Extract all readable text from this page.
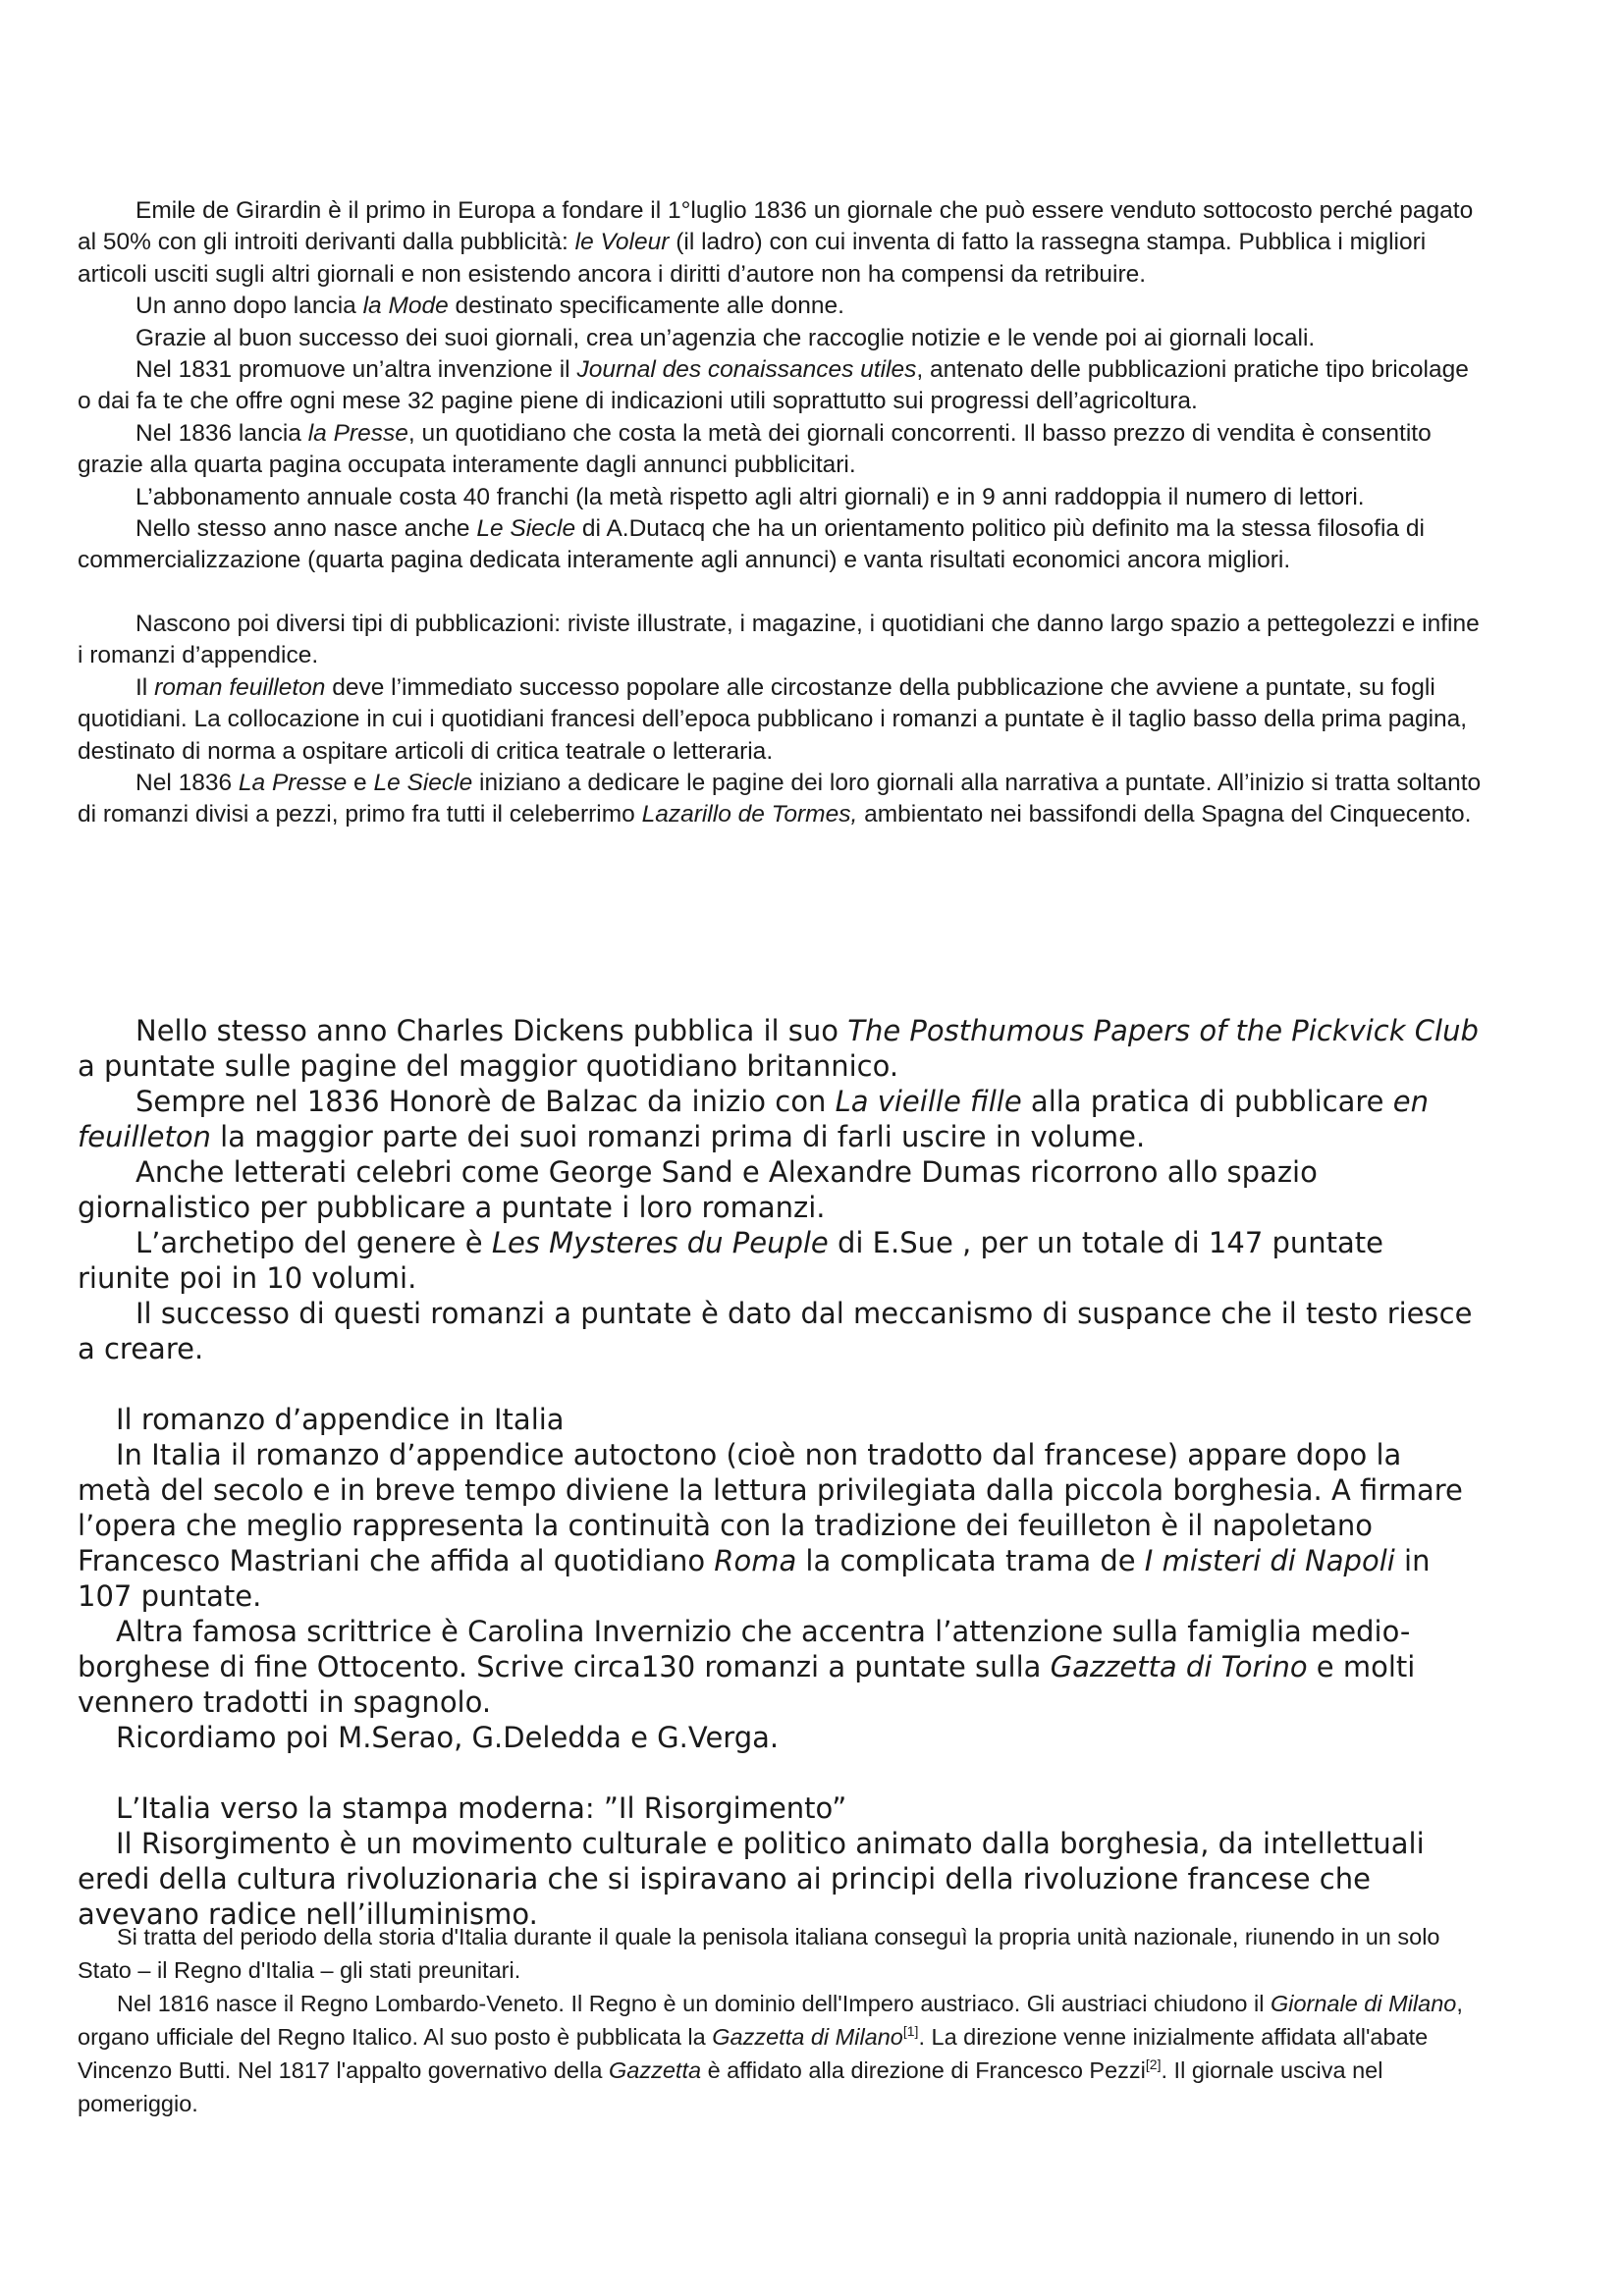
Emile de Girardin è il primo in Europa a fondare il 1°luglio 1836 un giornale che può essere venduto sottocosto perché pagato al 50% con gli introiti derivanti dalla pubblicità: le Voleur (il ladro) con cui inventa di fatto la rassegna stampa. Pubblica i migliori articoli usciti sugli altri giornali e non esistendo ancora i diritti d’autore non ha compensi da retribuire.

Un anno dopo lancia la Mode destinato specificamente alle donne.

Grazie al buon successo dei suoi giornali, crea un’agenzia che raccoglie notizie e le vende poi ai giornali locali.

Nel 1831 promuove un’altra invenzione il Journal des conaissances utiles, antenato delle pubblicazioni pratiche tipo bricolage o dai fa te che offre ogni mese 32 pagine piene di indicazioni utili soprattutto sui progressi dell’agricoltura.

Nel 1836 lancia la Presse, un quotidiano che costa la metà dei giornali concorrenti. Il basso prezzo di vendita è consentito grazie alla quarta pagina occupata interamente dagli annunci pubblicitari.

L’abbonamento annuale costa 40 franchi (la metà rispetto agli altri giornali) e in 9 anni raddoppia il numero di lettori.

Nello stesso anno nasce anche Le Siecle di A.Dutacq che ha un orientamento politico più definito ma la stessa filosofia di commercializzazione (quarta pagina dedicata interamente agli annunci) e vanta risultati economici ancora migliori.

Nascono poi diversi tipi di pubblicazioni: riviste illustrate, i magazine, i quotidiani che danno largo spazio a pettegolezzi e infine i romanzi d’appendice.

Il roman feuilleton deve l’immediato successo popolare alle circostanze della pubblicazione che avviene a puntate, su fogli quotidiani. La collocazione in cui i quotidiani francesi dell’epoca pubblicano i romanzi a puntate è il taglio basso della prima pagina, destinato di norma a ospitare articoli di critica teatrale o letteraria.

Nel 1836 La Presse e Le Siecle iniziano a dedicare le pagine dei loro giornali alla narrativa a puntate. All’inizio si tratta soltanto di romanzi divisi a pezzi, primo fra tutti il celeberrimo Lazarillo de Tormes, ambientato nei bassifondi della Spagna del Cinquecento.

Nello stesso anno Charles Dickens pubblica il suo The Posthumous Papers of the Pickvick Club a puntate sulle pagine del maggior quotidiano britannico.

Sempre nel 1836 Honorè de Balzac da inizio con La vieille fille alla pratica di pubblicare en feuilleton la maggior parte dei suoi romanzi prima di farli uscire in volume.

Anche letterati celebri come George Sand e Alexandre Dumas ricorrono allo spazio giornalistico per pubblicare a puntate i loro romanzi.

L’archetipo del genere è Les Mysteres du Peuple di E.Sue , per un totale di 147 puntate riunite poi in 10 volumi.

Il successo di questi romanzi a puntate è dato dal meccanismo di suspance che il testo riesce a creare.

Il romanzo d’appendice in Italia

In Italia il romanzo d’appendice autoctono (cioè non tradotto dal francese) appare dopo la metà del secolo e in breve tempo diviene la lettura privilegiata dalla piccola borghesia. A firmare l’opera che meglio rappresenta la continuità con la tradizione dei feuilleton è il napoletano Francesco Mastriani che affida al quotidiano Roma la complicata trama de I misteri di Napoli in 107 puntate.

Altra famosa scrittrice è Carolina Invernizio che accentra l’attenzione sulla famiglia medio-borghese di fine Ottocento. Scrive circa130 romanzi a puntate sulla Gazzetta di Torino e molti vennero tradotti in spagnolo.

Ricordiamo poi M.Serao, G.Deledda e G.Verga.

L’Italia verso la stampa moderna: ”Il Risorgimento”

Il Risorgimento è un movimento culturale e politico animato dalla borghesia, da intellettuali eredi della cultura rivoluzionaria che si ispiravano ai principi della rivoluzione francese che avevano radice nell’illuminismo.

Si tratta del periodo della storia d'Italia durante il quale la penisola italiana conseguì la propria unità nazionale, riunendo in un solo Stato – il Regno d'Italia – gli stati preunitari.

Nel 1816 nasce il Regno Lombardo-Veneto. Il Regno è un dominio dell'Impero austriaco. Gli austriaci chiudono il Giornale di Milano, organo ufficiale del Regno Italico. Al suo posto è pubblicata la Gazzetta di Milano[1]. La direzione venne inizialmente affidata all'abate Vincenzo Butti. Nel 1817 l'appalto governativo della Gazzetta è affidato alla direzione di Francesco Pezzi[2]. Il giornale usciva nel pomeriggio.
